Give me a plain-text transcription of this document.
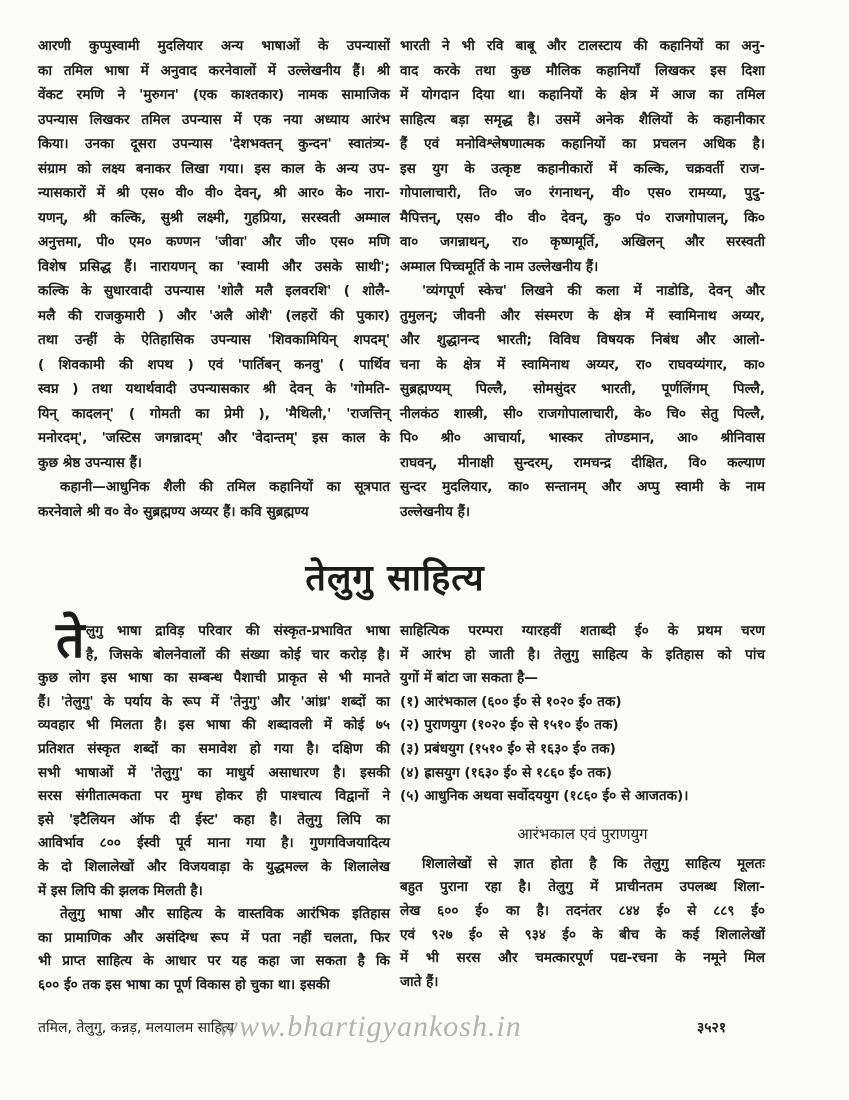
आरणी कुप्पुस्वामी मुदलियार अन्य भाषाओं के उपन्यासों
का तमिल भाषा में अनुवाद करनेवालों में उल्लेखनीय हैं। श्री
वेंकट रमणि ने 'मुरुगन' (एक काश्तकार) नामक सामाजिक
उपन्यास लिखकर तमिल उपन्यास में एक नया अध्याय आरंभ
किया। उनका दूसरा उपन्यास 'देशभक्तन् कुन्दन' स्वातंत्र्य-
संग्राम को लक्ष्य बनाकर लिखा गया। इस काल के अन्य उप-
न्यासकारों में श्री एस० वी० वी० देवन्, श्री आर० के० नारा-
यणन्, श्री कल्कि, सुश्री लक्ष्मी, गुहप्रिया, सरस्वती अम्माल
अनुत्तमा, पी० एम० कण्णन 'जीवा' और जी० एस० मणि
विशेष प्रसिद्ध हैं। नारायणन् का 'स्वामी और उसके साथी';
कल्कि के सुधारवादी उपन्यास 'शोलै मलै इलवरशि' ( शोलै-
मलै की राजकुमारी ) और 'अलै ओशै' (लहरों की पुकार)
तथा उन्हीं के ऐतिहासिक उपन्यास 'शिवकामियिन् शपदम्'
( शिवकामी की शपथ ) एवं 'पार्तिबन् कनवु' ( पार्थिव
स्वप्न ) तथा यथार्थवादी उपन्यासकार श्री देवन् के 'गोमति-
यिन् कादलन्' ( गोमती का प्रेमी ), 'मैथिली,' 'राजत्तिन्
मनोरदम्', 'जस्टिस जगन्नादम्' और 'वेदान्तम्' इस काल के
कुछ श्रेष्ठ उपन्यास हैं।
कहानी—आधुनिक शैली की तमिल कहानियों का सूत्रपात
करनेवाले श्री व० वे० सुब्रह्मण्य अय्यर हैं। कवि सुब्रह्मण्य
भारती ने भी रवि बाबू और टालस्टाय की कहानियों का अनु-
वाद करके तथा कुछ मौलिक कहानियाँ लिखकर इस दिशा
में योगदान दिया था। कहानियों के क्षेत्र में आज का तमिल
साहित्य बड़ा समृद्ध है। उसमें अनेक शैलियों के कहानीकार
हैं एवं मनोविश्लेषणात्मक कहानियों का प्रचलन अधिक है।
इस युग के उत्कृष्ट कहानीकारों में कल्कि, चक्रवर्ती राज-
गोपालाचारी, ति० ज० रंगनाथन्, वी० एस० रामय्या, पुदु-
मैपित्तन्, एस० वी० वी० देवन्, कु० पं० राजगोपालन्, कि०
वा० जगन्नाथन्, रा० कृष्णमूर्ति, अखिलन् और सरस्वती
अम्माल पिच्चमूर्ति के नाम उल्लेखनीय हैं।
'व्यंगपूर्ण स्केच' लिखने की कला में नाडोडि, देवन् और
तुमुलन्; जीवनी और संस्मरण के क्षेत्र में स्वामिनाथ अय्यर,
और शुद्धानन्द भारती; विविध विषयक निबंध और आलो-
चना के क्षेत्र में स्वामिनाथ अय्यर, रा० राघवय्यंगार, का०
सुब्रह्मण्यम् पिल्लै, सोमसुंदर भारती, पूर्णलिंगम् पिल्लै,
नीलकंठ शास्त्री, सी० राजगोपालाचारी, के० चि० सेतु पिल्लै,
पि० श्री० आचार्या, भास्कर तोण्डमान, आ० श्रीनिवास
राघवन्, मीनाक्षी सुन्दरम्, रामचन्द्र दीक्षित, वि० कल्याण
सुन्दर मुदलियार, का० सन्तानम् और अप्पु स्वामी के नाम
उल्लेखनीय हैं।
तेलुगु साहित्य
ते लुगु भाषा द्राविड़ परिवार की संस्कृत-प्रभावित भाषा
है, जिसके बोलनेवालों की संख्या कोई चार करोड़ है।
कुछ लोग इस भाषा का सम्बन्ध पैशाची प्राकृत से भी मानते
हैं। 'तेलुगु' के पर्याय के रूप में 'तेनुगु' और 'आंध्र' शब्दों का
व्यवहार भी मिलता है। इस भाषा की शब्दावली में कोई ७५
प्रतिशत संस्कृत शब्दों का समावेश हो गया है। दक्षिण की
सभी भाषाओं में 'तेलुगु' का माधुर्य असाधारण है। इसकी
सरस संगीतात्मकता पर मुग्ध होकर ही पाश्चात्य विद्वानों ने
इसे 'इटैलियन ऑफ दी ईस्ट' कहा है। तेलुगु लिपि का
आविर्भाव ८०० ईस्वी पूर्व माना गया है। गुणगविजयादित्य
के दो शिलालेखों और विजयवाड़ा के युद्धमल्ल के शिलालेख
में इस लिपि की झलक मिलती है।
तेलुगु भाषा और साहित्य के वास्तविक आरंभिक इतिहास
का प्रामाणिक और असंदिग्ध रूप में पता नहीं चलता, फिर
भी प्राप्त साहित्य के आधार पर यह कहा जा सकता है कि
६०० ई० तक इस भाषा का पूर्ण विकास हो चुका था। इसकी
साहित्यिक परम्परा ग्यारहवीं शताब्दी ई० के प्रथम चरण
में आरंभ हो जाती है। तेलुगु साहित्य के इतिहास को पांच
युगों में बांटा जा सकता है—
(१) आरंभकाल (६०० ई० से १०२० ई० तक)
(२) पुराणयुग (१०२० ई० से १५१० ई० तक)
(३) प्रबंधयुग (१५१० ई० से १६३० ई० तक)
(४) ह्रासयुग (१६३० ई० से १८६० ई० तक)
(५) आधुनिक अथवा सर्वोदययुग (१८६० ई० से आजतक)।
आरंभकाल एवं पुराणयुग
शिलालेखों से ज्ञात होता है कि तेलुगु साहित्य मूलतः
बहुत पुराना रहा है। तेलुगु में प्राचीनतम उपलब्ध शिला-
लेख ६०० ई० का है। तदनंतर ८४४ ई० से ८८९ ई०
एवं ९२७ ई० से ९३४ ई० के बीच के कई शिलालेखों
में भी सरस और चमत्कारपूर्ण पद्य-रचना के नमूने मिल
जाते हैं।
तमिल, तेलुगु, कन्नड़, मलयालम साहित्य
www.bhartigyankosh.in	३५२१
